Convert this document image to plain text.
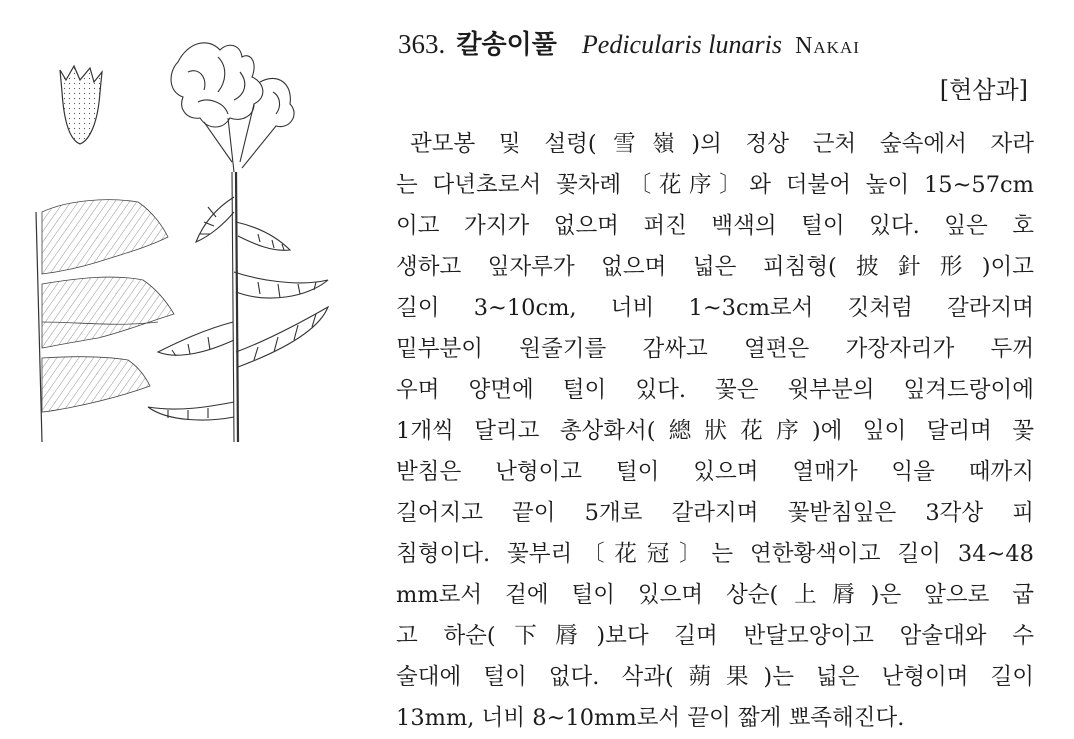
363. 칼송이풀 Pedicularis lunaris Nakai
[현삼과]
관모봉 및 설령(雪嶺)의 정상 근처 숲속에서 자라
는 다년초로서 꽃차례〔花序〕와 더불어 높이 15~57cm
이고 가지가 없으며 퍼진 백색의 털이 있다. 잎은 호
생하고 잎자루가 없으며 넓은 피침형(披針形)이고
길이 3~10cm, 너비 1~3cm로서 깃처럼 갈라지며
밑부분이 원줄기를 감싸고 열편은 가장자리가 두꺼
우며 양면에 털이 있다. 꽃은 윗부분의 잎겨드랑이에
1개씩 달리고 총상화서(總狀花序)에 잎이 달리며 꽃
받침은 난형이고 털이 있으며 열매가 익을 때까지
길어지고 끝이 5개로 갈라지며 꽃받침잎은 3각상 피
침형이다. 꽃부리〔花冠〕는 연한황색이고 길이 34~48
mm로서 겉에 털이 있으며 상순(上脣)은 앞으로 굽
고 하순(下脣)보다 길며 반달모양이고 암술대와 수
술대에 털이 없다. 삭과(蒴果)는 넓은 난형이며 길이
13mm, 너비 8~10mm로서 끝이 짧게 뾰족해진다.
